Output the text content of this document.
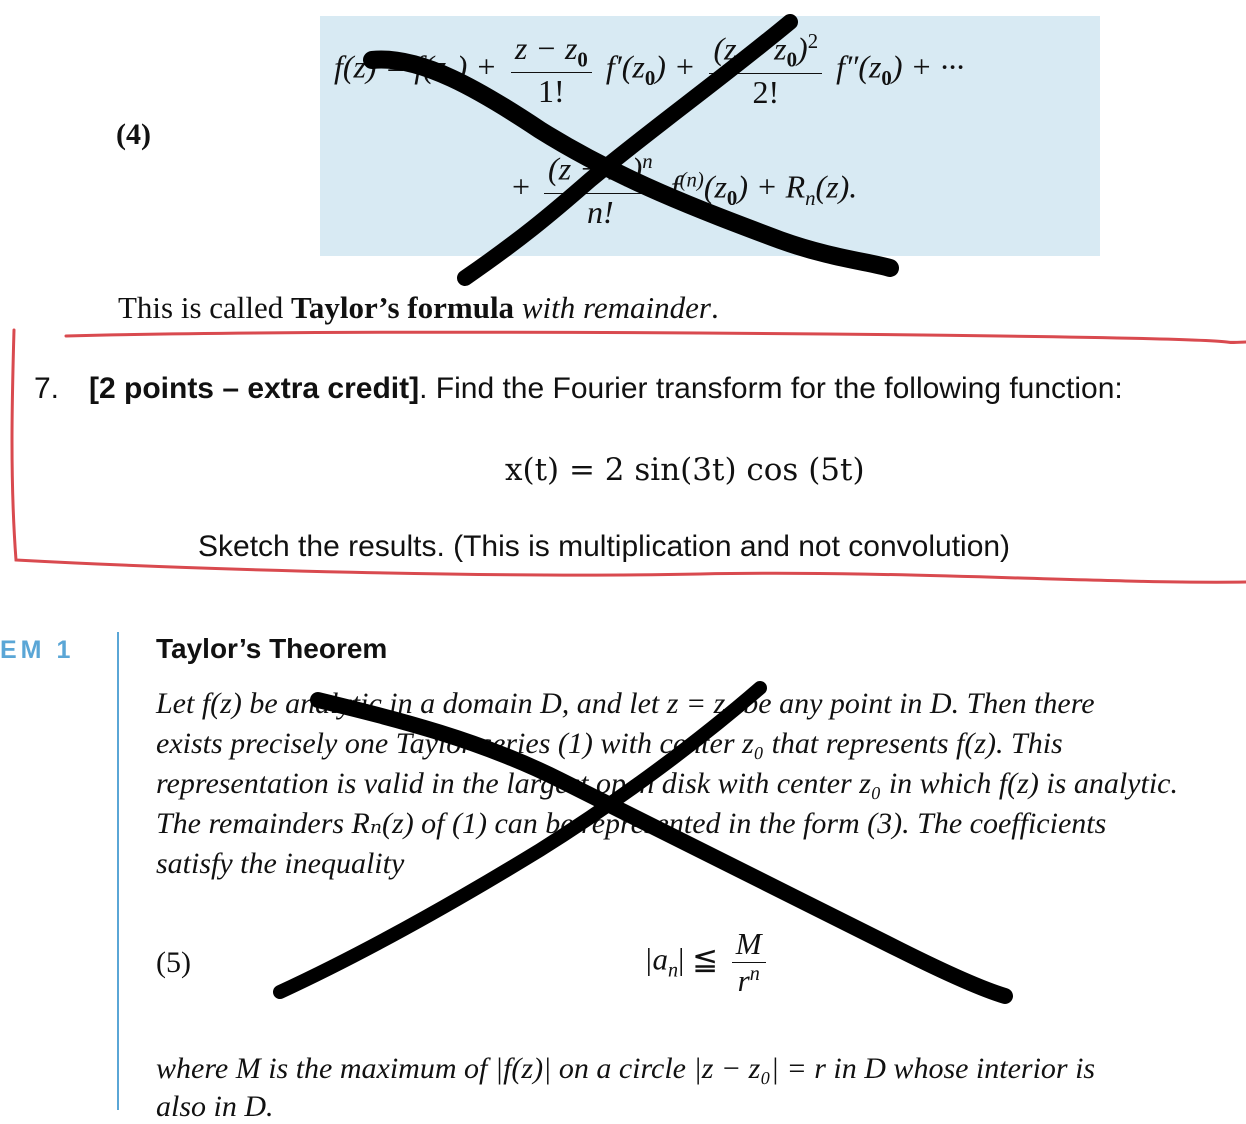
(4)
$f(z) = f(z_0) + \frac{z - z_0}{1!} f'(z_0) + \frac{(z - z_0)^2}{2!} f''(z_0)$ + ···
+ $\frac{(z - z_0)^n}{n!} f^{(n)}(z_0) + R_n(z)$.
This is called Taylor’s formula with remainder.
7. [2 points – extra credit]. Find the Fourier transform for the following function:
x(t) = 2 sin(3t) cos (5t)
Sketch the results. (This is multiplication and not convolution)
EM 1	Taylor’s Theorem
Let f(z) be analytic in a domain D, and let z = z₀ be any point in D. Then there
exists precisely one Taylor series (1) with center z₀ that represents f(z). This
representation is valid in the largest open disk with center z₀ in which f(z) is analytic.
The remainders Rₙ(z) of (1) can be represented in the form (3). The coefficients
satisfy the inequality
(5)	$|a_n|$ ≦ $\frac{M}{r^n}$
where M is the maximum of |f(z)| on a circle |z − z₀| = r in D whose interior is
also in D.
